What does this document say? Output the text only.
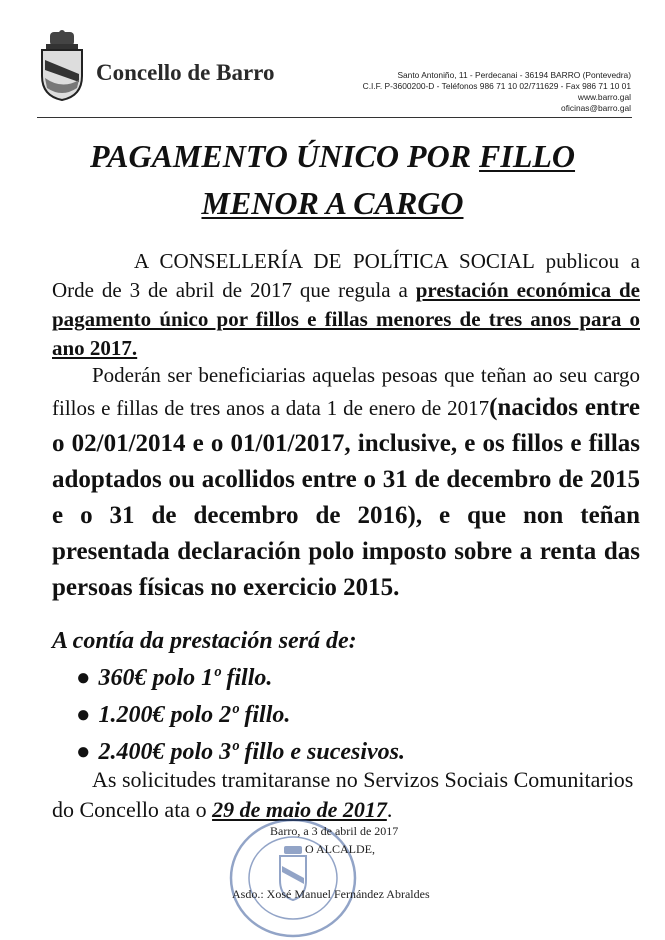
Concello de Barro	Santo Antoniño, 11 - Perdecanai - 36194 BARRO (Pontevedra)
C.I.F. P-3600200-D - Teléfonos 986 71 10 02/711629 - Fax 986 71 10 01
www.barro.gal
oficinas@barro.gal
PAGAMENTO ÚNICO POR FILLO
MENOR A CARGO
A CONSELLERÍA DE POLÍTICA SOCIAL publicou a Orde de 3 de abril de 2017 que regula a prestación económica de pagamento único por fillos e fillas menores de tres anos para o ano 2017.
Poderán ser beneficiarias aquelas pesoas que teñan ao seu cargo fillos e fillas de tres anos a data 1 de enero de 2017(nacidos entre o 02/01/2014 e o 01/01/2017, inclusive, e os fillos e fillas adoptados ou acollidos entre o 31 de decembro de 2015 e o 31 de decembro de 2016), e que non teñan presentada declaración polo imposto sobre a renta das persoas físicas no exercicio 2015.
A contía da prestación será de:
● 360€ polo 1º fillo.
● 1.200€ polo 2º fillo.
● 2.400€ polo 3º fillo e sucesivos.
As solicitudes tramitaranse no Servizos Sociais Comunitarios do Concello ata o 29 de maio de 2017.
Barro, a 3 de abril de 2017
O ALCALDE,
Asdo.: Xosé Manuel Fernández Abraldes
